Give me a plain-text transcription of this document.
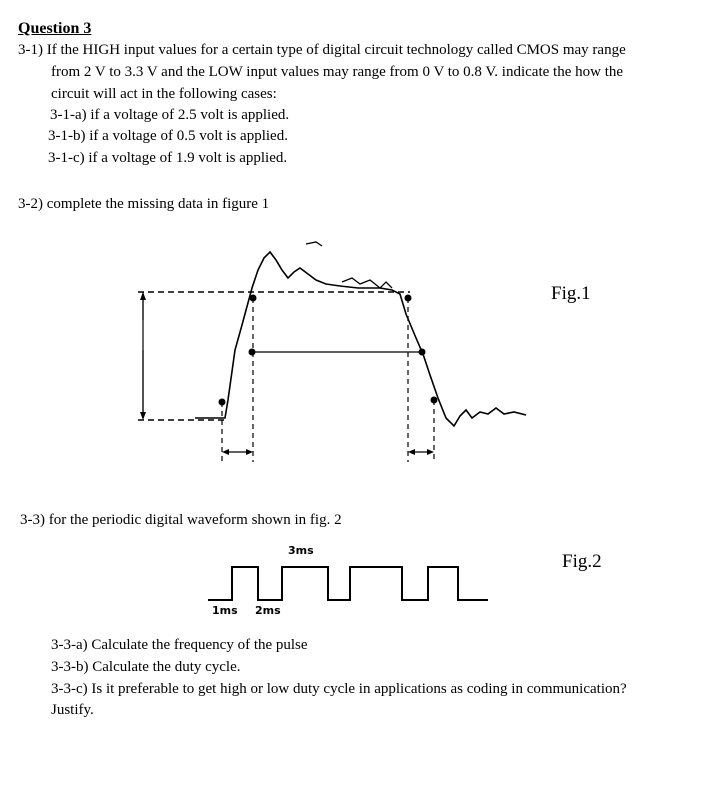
Question 3
3-1) If the HIGH input values for a certain type of digital circuit technology called CMOS may range
from 2 V to 3.3 V and the LOW input values may range from 0 V to 0.8 V. indicate the how the
circuit will act in the following cases:
3-1-a) if a voltage of 2.5 volt is applied.
3-1-b) if a voltage of 0.5 volt is applied.
3-1-c) if a voltage of 1.9 volt is applied.
3-2) complete the missing data in figure 1
Fig.1
3-3) for the periodic digital waveform shown in fig. 2
3ms
1ms 2ms
Fig.2
3-3-a) Calculate the frequency of the pulse
3-3-b) Calculate the duty cycle.
3-3-c) Is it preferable to get high or low duty cycle in applications as coding in communication?
Justify.
